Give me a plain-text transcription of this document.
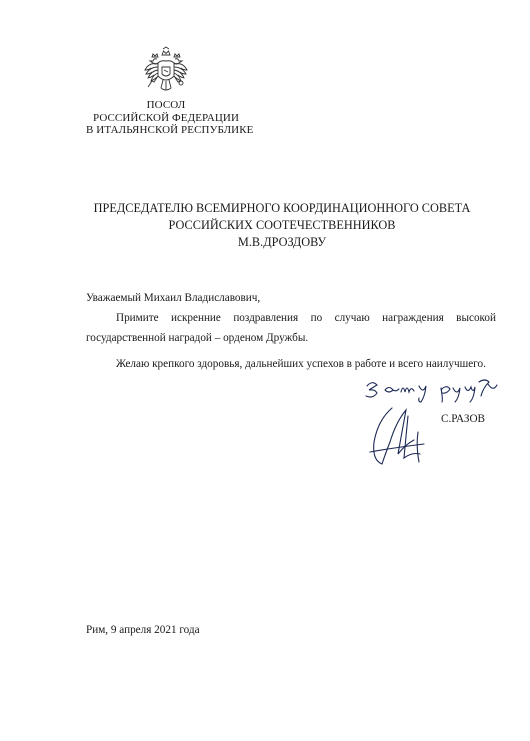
ПОСОЛ
РОССИЙСКОЙ ФЕДЕРАЦИИ
В ИТАЛЬЯНСКОЙ РЕСПУБЛИКЕ
ПРЕДСЕДАТЕЛЮ ВСЕМИРНОГО КООРДИНАЦИОННОГО СОВЕТА
РОССИЙСКИХ СООТЕЧЕСТВЕННИКОВ
М.В.ДРОЗДОВУ

Уважаемый Михаил Владиславович,

Примите искренние поздравления по случаю награждения высокой государственной наградой – орденом Дружбы.

Желаю крепкого здоровья, дальнейших успехов в работе и всего наилучшего.

С.РАЗОВ
Рим, 9 апреля 2021 года
